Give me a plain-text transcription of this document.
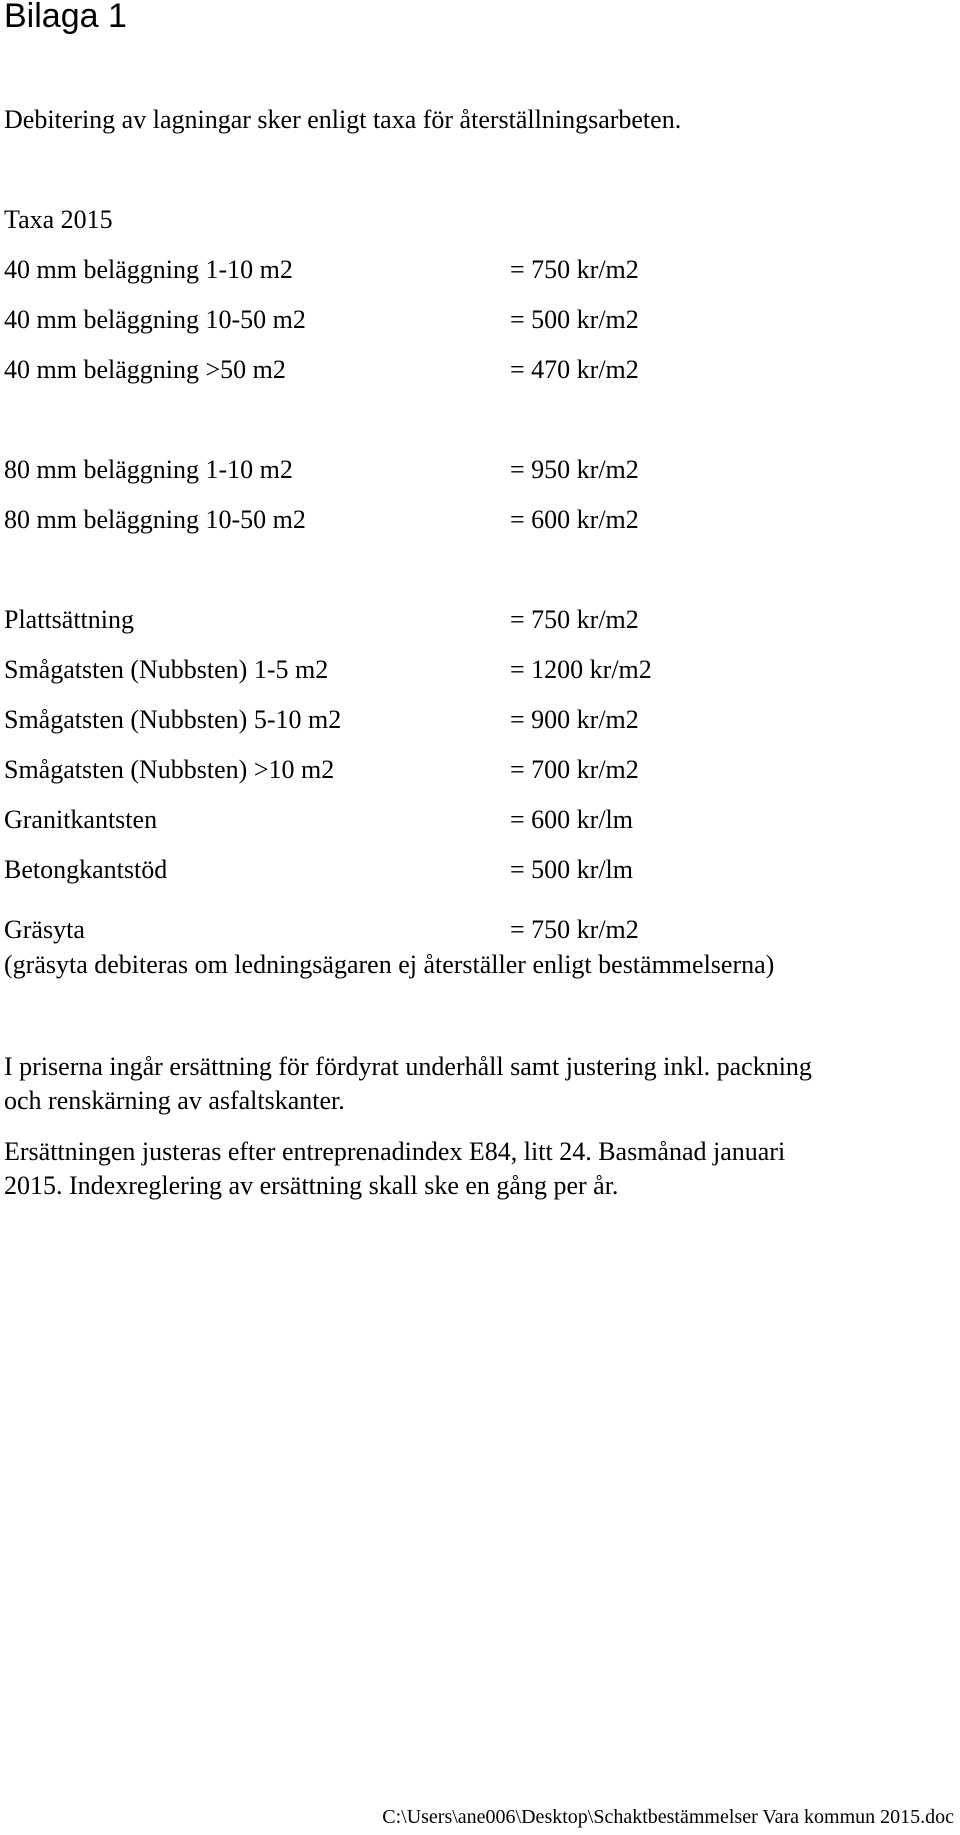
Bilaga 1
Debitering av lagningar sker enligt taxa för återställningsarbeten.
Taxa 2015
40 mm beläggning 1-10 m2	= 750 kr/m2
40 mm beläggning 10-50 m2	= 500 kr/m2
40 mm beläggning >50 m2	= 470 kr/m2
80 mm beläggning 1-10 m2	= 950 kr/m2
80 mm beläggning 10-50 m2	= 600 kr/m2
Plattsättning	= 750 kr/m2
Smågatsten (Nubbsten) 1-5 m2	= 1200 kr/m2
Smågatsten (Nubbsten) 5-10 m2	= 900 kr/m2
Smågatsten (Nubbsten) >10 m2	= 700 kr/m2
Granitkantsten	= 600 kr/lm
Betongkantstöd	= 500 kr/lm
Gräsyta	= 750 kr/m2
(gräsyta debiteras om ledningsägaren ej återställer enligt bestämmelserna)
I priserna ingår ersättning för fördyrat underhåll samt justering inkl. packning
och renskärning av asfaltskanter.
Ersättningen justeras efter entreprenadindex E84, litt 24. Basmånad januari
2015. Indexreglering av ersättning skall ske en gång per år.
C:\Users\ane006\Desktop\Schaktbestämmelser Vara kommun 2015.doc
